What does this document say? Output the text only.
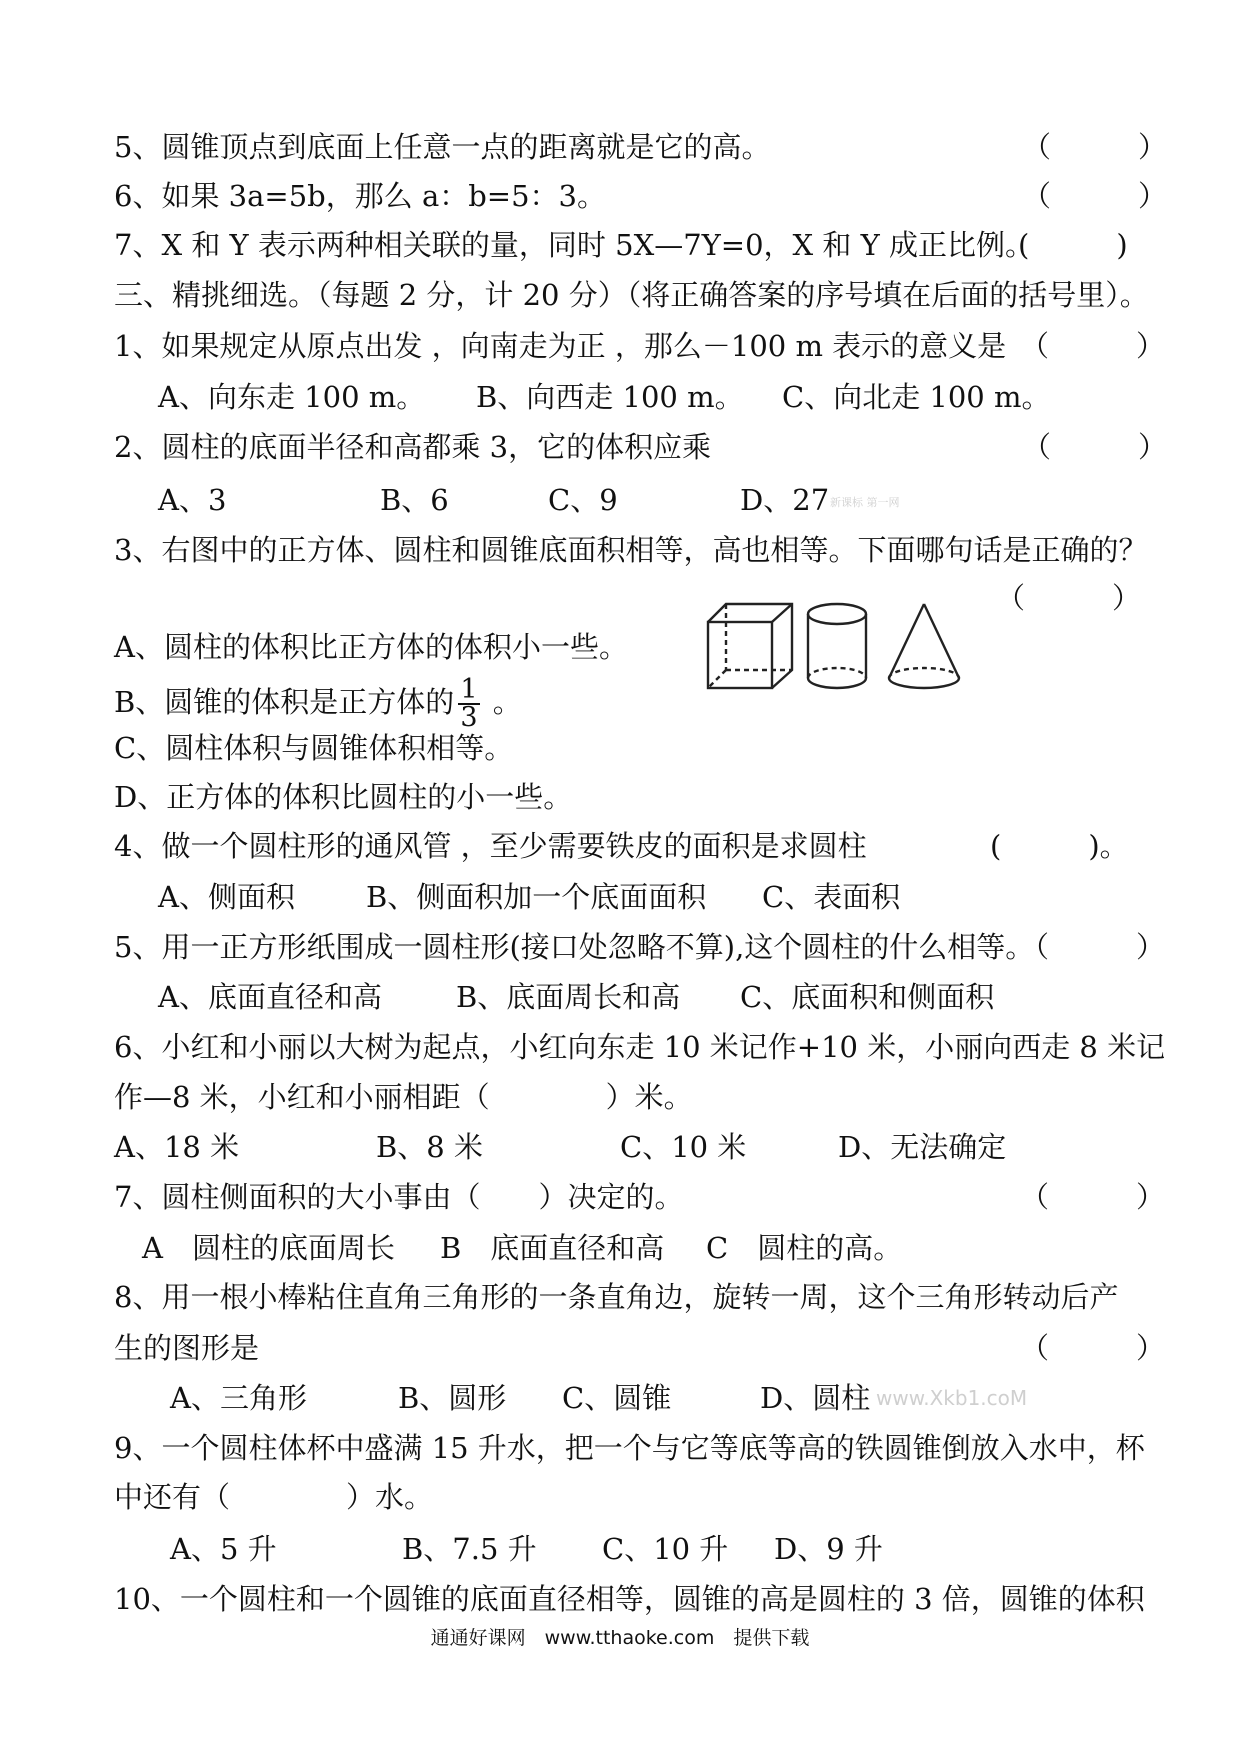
5、圆锥顶点到底面上任意一点的距离就是它的高。	（　　　）
6、如果 3a=5b，那么 a：b=5：3。	（　　　）
7、X 和 Y 表示两种相关联的量，同时 5X—7Y=0，X 和 Y 成正比例。
(　　　)
三、精挑细选。（每题 2 分，计 20 分）（将正确答案的序号填在后面的括号里）。
1、如果规定从原点出发 ，向南走为正 ，那么－100 m 表示的意义是 （　　　）
A、向东走 100 m。 B、向西走 100 m。 C、向北走 100 m。
2、圆柱的底面半径和高都乘 3，它的体积应乘	（　　　）
A、3	B、6	C、9	D、27 新课标 第一网
3、右图中的正方体、圆柱和圆锥底面积相等，高也相等。下面哪句话是正确的？
（　　　）
A、圆柱的体积比正方体的体积小一些。
B、圆锥的体积是正方体的 $\frac{1}{3}$ 。
C、圆柱体积与圆锥体积相等。
D、正方体的体积比圆柱的小一些。
4、做一个圆柱形的通风管 ，至少需要铁皮的面积是求圆柱	(　　　)。
A、侧面积 B、侧面积加一个底面面积 C、表面积
5、用一正方形纸围成一圆柱形(接口处忽略不算),这个圆柱的什么相等。
（　　　）
A、底面直径和高	B、底面周长和高 C、底面积和侧面积
6、小红和小丽以大树为起点，小红向东走 10 米记作+10 米，小丽向西走 8 米记
作—8 米，小红和小丽相距（　　　　）米。
A、18 米	B、8 米	C、10 米	D、无法确定
7、圆柱侧面积的大小事由（　　）决定的。	（　　　）
A　圆柱的底面周长 B　底面直径和高 C　圆柱的高。
8、用一根小棒粘住直角三角形的一条直角边，旋转一周，这个三角形转动后产
生的图形是	（　　　）
A、三角形	B、圆形 C、圆锥	D、圆柱 www.Xkb1.coM
9、一个圆柱体杯中盛满 15 升水，把一个与它等底等高的铁圆锥倒放入水中，杯
中还有（　　　　）水。
A、5 升	B、7.5 升 C、10 升 D、9 升
10、一个圆柱和一个圆锥的底面直径相等，圆锥的高是圆柱的 3 倍，圆锥的体积
通通好课网　www.tthaoke.com　提供下载
